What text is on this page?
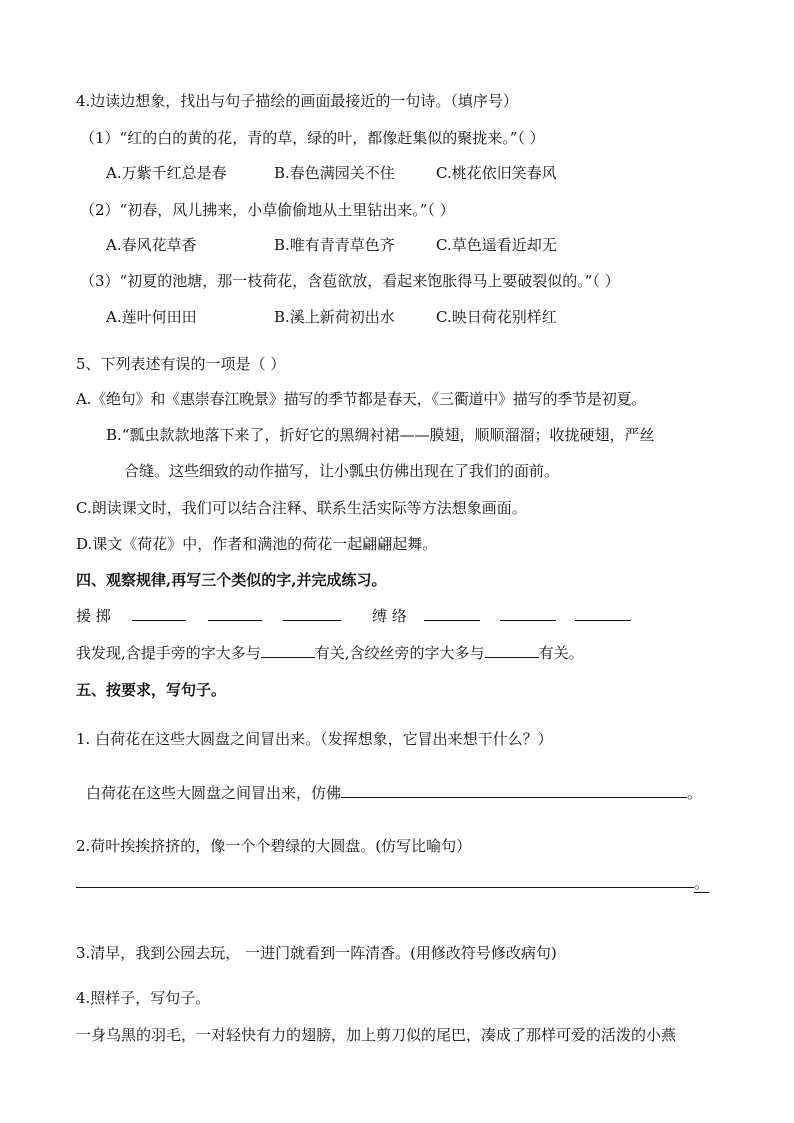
4.边读边想象，找出与句子描绘的画面最接近的一句诗。（填序号）
（1）“红的白的黄的花，青的草，绿的叶，都像赶集似的聚拢来。”（ ）
A.万紫千红总是春	B.春色满园关不住	C.桃花依旧笑春风
（2）“初春，风儿拂来，小草偷偷地从土里钻出来。”（ ）
A.春风花草香	B.唯有青青草色齐	C.草色遥看近却无
（3）“初夏的池塘，那一枝荷花，含苞欲放，看起来饱胀得马上要破裂似的。”（ ）
A.莲叶何田田	B.溪上新荷初出水	C.映日荷花别样红
5、下列表述有误的一项是（ ）
A.《绝句》和《惠崇春江晚景》描写的季节都是春天，《三衢道中》描写的季节是初夏。
B.“瓢虫款款地落下来了，折好它的黑绸衬裙——膜翅，顺顺溜溜；收拢硬翅，严丝
合缝。这些细致的动作描写，让小瓢虫仿佛出现在了我们的面前。
C.朗读课文时，我们可以结合注释、联系生活实际等方法想象画面。
D.课文《荷花》中，作者和满池的荷花一起翩翩起舞。
四、观察规律,再写三个类似的字,并完成练习。
援 掷	缚 络
我发现,含提手旁的字大多与	有关,含绞丝旁的字大多与	有关。
五、按要求，写句子。
1. 白荷花在这些大圆盘之间冒出来。（发挥想象，它冒出来想干什么？）
白荷花在这些大圆盘之间冒出来，仿佛	。
2.荷叶挨挨挤挤的，像一个个碧绿的大圆盘。(仿写比喻句）
。
3.清早，我到公园去玩， 一进门就看到一阵清香。(用修改符号修改病句)
4.照样子，写句子。
一身乌黑的羽毛，一对轻快有力的翅膀，加上剪刀似的尾巴，凑成了那样可爱的活泼的小燕
